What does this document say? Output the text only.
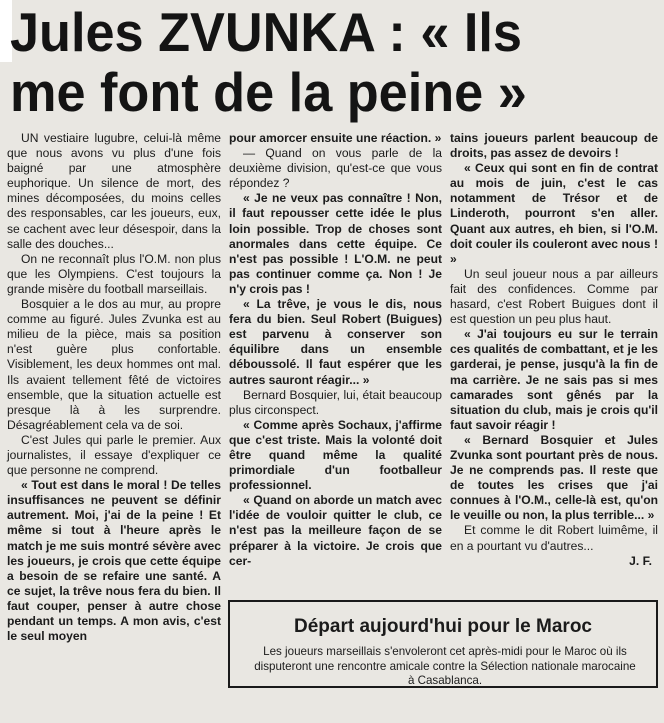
Jules ZVUNKA : « Ils
me font de la peine »

UN vestiaire lugubre, celui-là même que nous avons vu plus d'une fois baigné par une atmosphère euphorique. Un silence de mort, des mines décomposées, du moins celles des responsables, car les joueurs, eux, se cachent avec leur désespoir, dans la salle des douches...

On ne reconnaît plus l'O.M. non plus que les Olympiens. C'est toujours la grande misère du football marseillais.

Bosquier a le dos au mur, au propre comme au figuré. Jules Zvunka est au milieu de la pièce, mais sa position n'est guère plus confortable. Visiblement, les deux hommes ont mal. Ils avaient tellement fêté de victoires ensemble, que la situation actuelle est presque là à les surprendre. Désagréablement cela va de soi.

C'est Jules qui parle le premier. Aux journalistes, il essaye d'expliquer ce que personne ne comprend.

« Tout est dans le moral ! De telles insuffisances ne peuvent se définir autrement. Moi, j'ai de la peine ! Et même si tout à l'heure après le match je me suis montré sévère avec les joueurs, je crois que cette équipe a besoin de se refaire une santé. A ce sujet, la trêve nous fera du bien. Il faut couper, penser à autre chose pendant un temps. A mon avis, c'est le seul moyen

pour amorcer ensuite une réaction. »

— Quand on vous parle de la deuxième division, qu'est-ce que vous répondez ?

« Je ne veux pas connaître ! Non, il faut repousser cette idée le plus loin possible. Trop de choses sont anormales dans cette équipe. Ce n'est pas possible ! L'O.M. ne peut pas continuer comme ça. Non ! Je n'y crois pas !

« La trêve, je vous le dis, nous fera du bien. Seul Robert (Buigues) est parvenu à conserver son équilibre dans un ensemble déboussolé. Il faut espérer que les autres sauront réagir... »

Bernard Bosquier, lui, était beaucoup plus circonspect.

« Comme après Sochaux, j'affirme que c'est triste. Mais la volonté doit être quand même la qualité primordiale d'un footballeur professionnel.

« Quand on aborde un match avec l'idée de vouloir quitter le club, ce n'est pas la meilleure façon de se préparer à la victoire. Je crois que cer-

tains joueurs parlent beaucoup de droits, pas assez de devoirs !

« Ceux qui sont en fin de contrat au mois de juin, c'est le cas notamment de Trésor et de Linderoth, pourront s'en aller. Quant aux autres, eh bien, si l'O.M. doit couler ils couleront avec nous ! »

Un seul joueur nous a par ailleurs fait des confidences. Comme par hasard, c'est Robert Buigues dont il est question un peu plus haut.

« J'ai toujours eu sur le terrain ces qualités de combattant, et je les garderai, je pense, jusqu'à la fin de ma carrière. Je ne sais pas si mes camarades sont gênés par la situation du club, mais je crois qu'il faut savoir réagir !

« Bernard Bosquier et Jules Zvunka sont pourtant près de nous. Je ne comprends pas. Il reste que de toutes les crises que j'ai connues à l'O.M., celle-là est, qu'on le veuille ou non, la plus terrible... »

Et comme le dit Robert luimême, il en a pourtant vu d'autres...

J. F.

Départ aujourd'hui pour le Maroc
Les joueurs marseillais s'envoleront cet après-midi pour le Maroc où ils disputeront une rencontre amicale contre la Sélection nationale marocaine à Casablanca.
